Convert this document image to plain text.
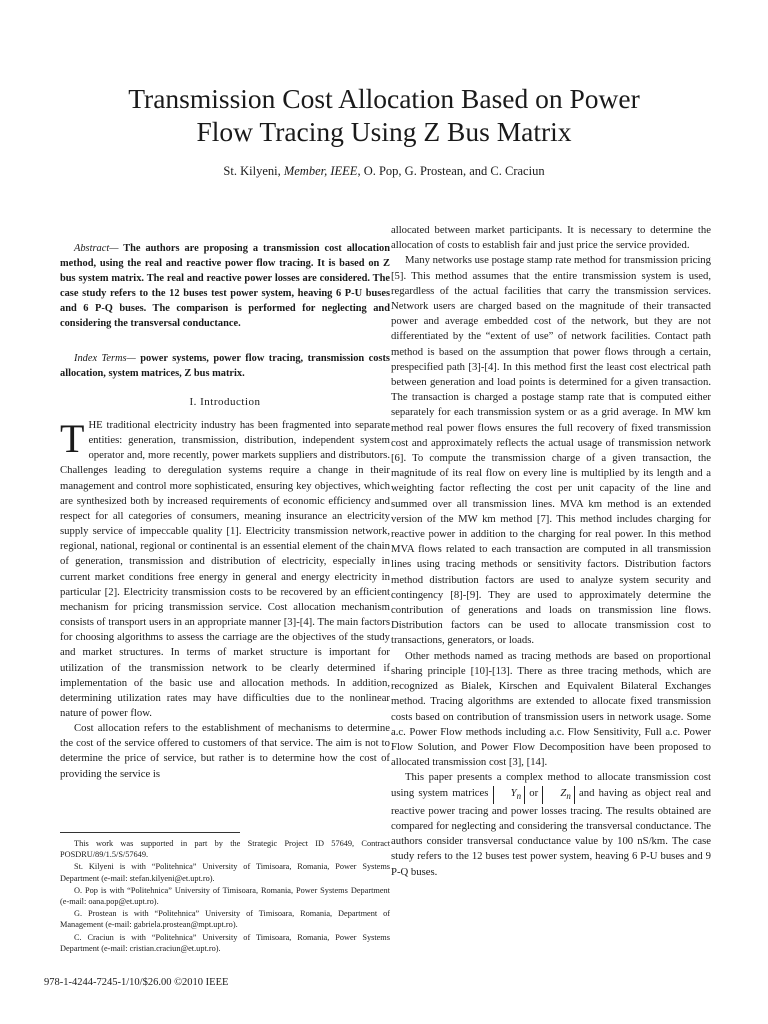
Transmission Cost Allocation Based on Power
Flow Tracing Using Z Bus Matrix

St. Kilyeni, Member, IEEE, O. Pop, G. Prostean, and C. Craciun

Abstract— The authors are proposing a transmission cost allocation method, using the real and reactive power flow tracing. It is based on Z bus system matrix. The real and reactive power losses are considered. The case study refers to the 12 buses test power system, heaving 6 P-U buses and 6 P-Q buses. The comparison is performed for neglecting and considering the transversal conductance.

Index Terms— power systems, power flow tracing, transmission costs allocation, system matrices, Z bus matrix.

I. Introduction

THE traditional electricity industry has been fragmented into separate entities: generation, transmission, distribution, independent system operator and, more recently, power markets suppliers and distributors. Challenges leading to deregulation systems require a change in their management and control more sophisticated, ensuring key objectives, which are synthesized both by increased requirements of economic efficiency and respect for all categories of consumers, meaning insurance an electricity supply service of impeccable quality [1]. Electricity transmission network, regional, national, regional or continental is an essential element of the chain of generation, transmission and distribution of electricity, especially in current market conditions free energy in general and energy electricity in particular [2]. Electricity transmission costs to be recovered by an efficient mechanism for pricing transmission service. Cost allocation mechanism consists of transport users in an appropriate manner [3]-[4]. The main factors for choosing algorithms to assess the carriage are the objectives of the study and market structures. In terms of market structure is important for utilization of the transmission network to be clearly determined if implementation of the basic use and allocation methods. In addition, determining utilization rates may have difficulties due to the nonlinear nature of power flow.

Cost allocation refers to the establishment of mechanisms to determine the cost of the service offered to customers of that service. The aim is not to determine the price of service, but rather is to determine how the cost of providing the service is

This work was supported in part by the Strategic Project ID 57649, Contract POSDRU/89/1.5/S/57649.

St. Kilyeni is with “Politehnica” University of Timisoara, Romania, Power Systems Department (e-mail: stefan.kilyeni@et.upt.ro).

O. Pop is with “Politehnica” University of Timisoara, Romania, Power Systems Department (e-mail: oana.pop@et.upt.ro).

G. Prostean is with “Politehnica” University of Timisoara, Romania, Department of Management (e-mail: gabriela.prostean@mpt.upt.ro).

C. Craciun is with “Politehnica” University of Timisoara, Romania, Power Systems Department (e-mail: cristian.craciun@et.upt.ro).

978-1-4244-7245-1/10/$26.00 ©2010 IEEE

allocated between market participants. It is necessary to determine the allocation of costs to establish fair and just price the service provided.

Many networks use postage stamp rate method for transmission pricing [5]. This method assumes that the entire transmission system is used, regardless of the actual facilities that carry the transmission services. Network users are charged based on the magnitude of their transacted power and average embedded cost of the network, but they are not differentiated by the “extent of use” of network facilities. Contact path method is based on the assumption that power flows through a certain, prespecified path [3]-[4]. In this method first the least cost electrical path between generation and load points is determined for a given transaction. The transaction is charged a postage stamp rate that is computed either separately for each transmission system or as a grid average. In MW km method real power flows ensures the full recovery of fixed transmission cost and approximately reflects the actual usage of transmission network [6]. To compute the transmission charge of a given transaction, the magnitude of its real flow on every line is multiplied by its length and a weighting factor reflecting the cost per unit capacity of the line and summed over all transmission lines. MVA km method is an extended version of the MW km method [7]. This method includes charging for reactive power in addition to the charging for real power. In this method MVA flows related to each transaction are computed in all transmission lines using tracing methods or sensitivity factors. Distribution factors method distribution factors are used to analyze system security and contingency [8]-[9]. They are used to approximately determine the contribution of generations and loads on transmission line flows. Distribution factors can be used to allocate transmission cost to transactions, generators, or loads.

Other methods named as tracing methods are based on proportional sharing principle [10]-[13]. There as three tracing methods, which are recognized as Bialek, Kirschen and Equivalent Bilateral Exchanges method. Tracing algorithms are extended to allocate fixed transmission costs based on contribution of transmission users in network usage. Some a.c. Power Flow methods including a.c. Flow Sensitivity, Full a.c. Power Flow Solution, and Power Flow Decomposition have been proposed to allocated transmission cost [3], [14].

This paper presents a complex method to allocate transmission cost using system matrices $Y_n$ or $Z_n$ and having as object real and reactive power tracing and power losses tracing. The results obtained are compared for neglecting and considering the transversal conductance. The authors consider transversal conductance value by 100 nS/km. The case study refers to the 12 buses test power system, heaving 6 P-U buses and 9 P-Q buses.
